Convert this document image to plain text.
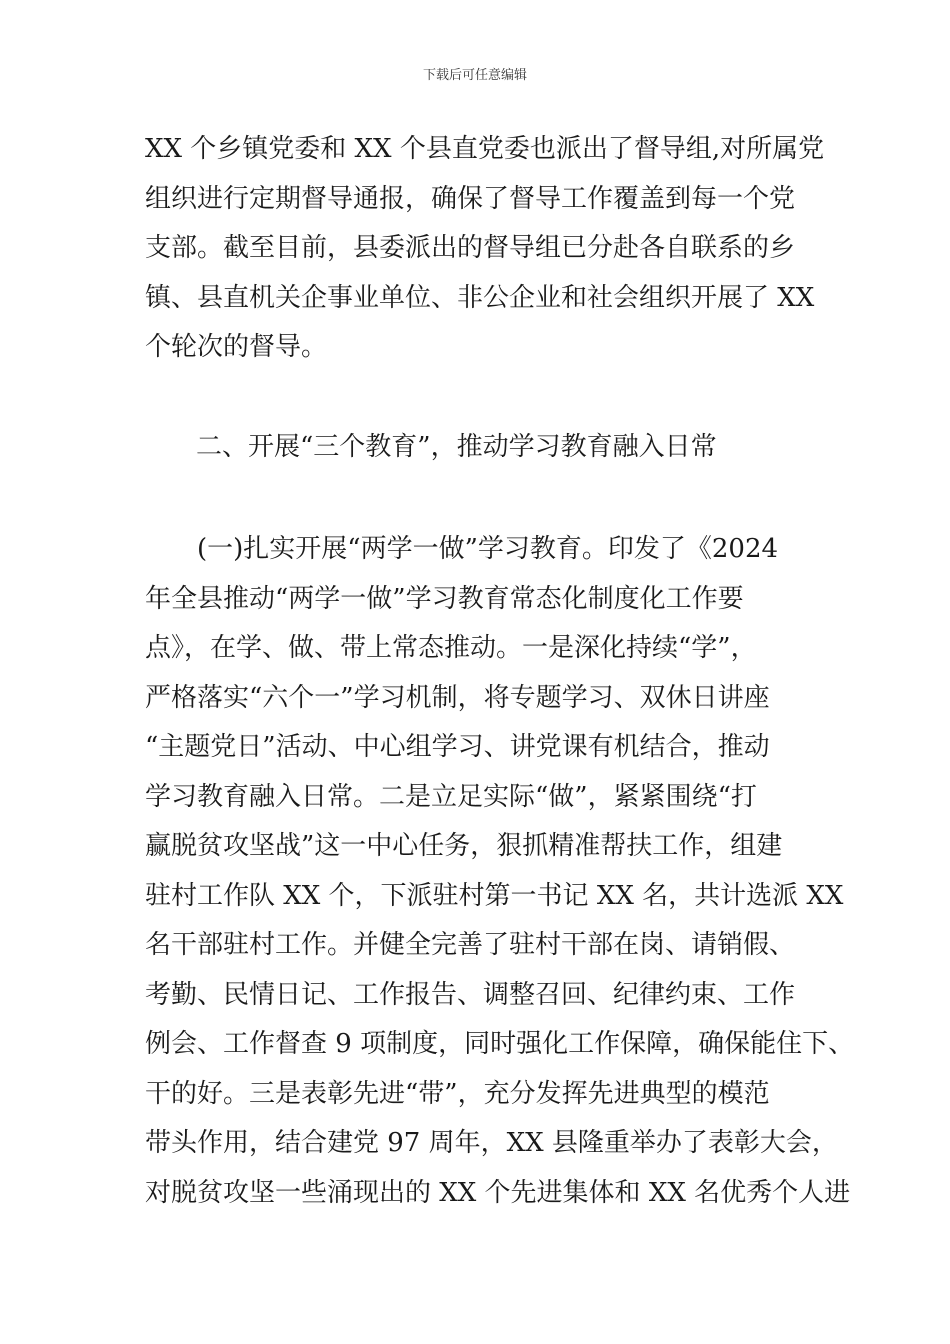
下载后可任意编辑
XX 个乡镇党委和 XX 个县直党委也派出了督导组,对所属党
组织进行定期督导通报，确保了督导工作覆盖到每一个党
支部。截至目前，县委派出的督导组已分赴各自联系的乡
镇、县直机关企事业单位、非公企业和社会组织开展了 XX
个轮次的督导。
二、开展“三个教育”，推动学习教育融入日常
(一)扎实开展“两学一做”学习教育。印发了《2024
年全县推动“两学一做”学习教育常态化制度化工作要
点》，在学、做、带上常态推动。一是深化持续“学”，
严格落实“六个一”学习机制，将专题学习、双休日讲座
“主题党日”活动、中心组学习、讲党课有机结合，推动
学习教育融入日常。二是立足实际“做”，紧紧围绕“打
赢脱贫攻坚战”这一中心任务，狠抓精准帮扶工作，组建
驻村工作队 XX 个，下派驻村第一书记 XX 名，共计选派 XX
名干部驻村工作。并健全完善了驻村干部在岗、请销假、
考勤、民情日记、工作报告、调整召回、纪律约束、工作
例会、工作督查 9 项制度，同时强化工作保障，确保能住下、
干的好。三是表彰先进“带”，充分发挥先进典型的模范
带头作用，结合建党 97 周年，XX 县隆重举办了表彰大会，
对脱贫攻坚一些涌现出的 XX 个先进集体和 XX 名优秀个人进
